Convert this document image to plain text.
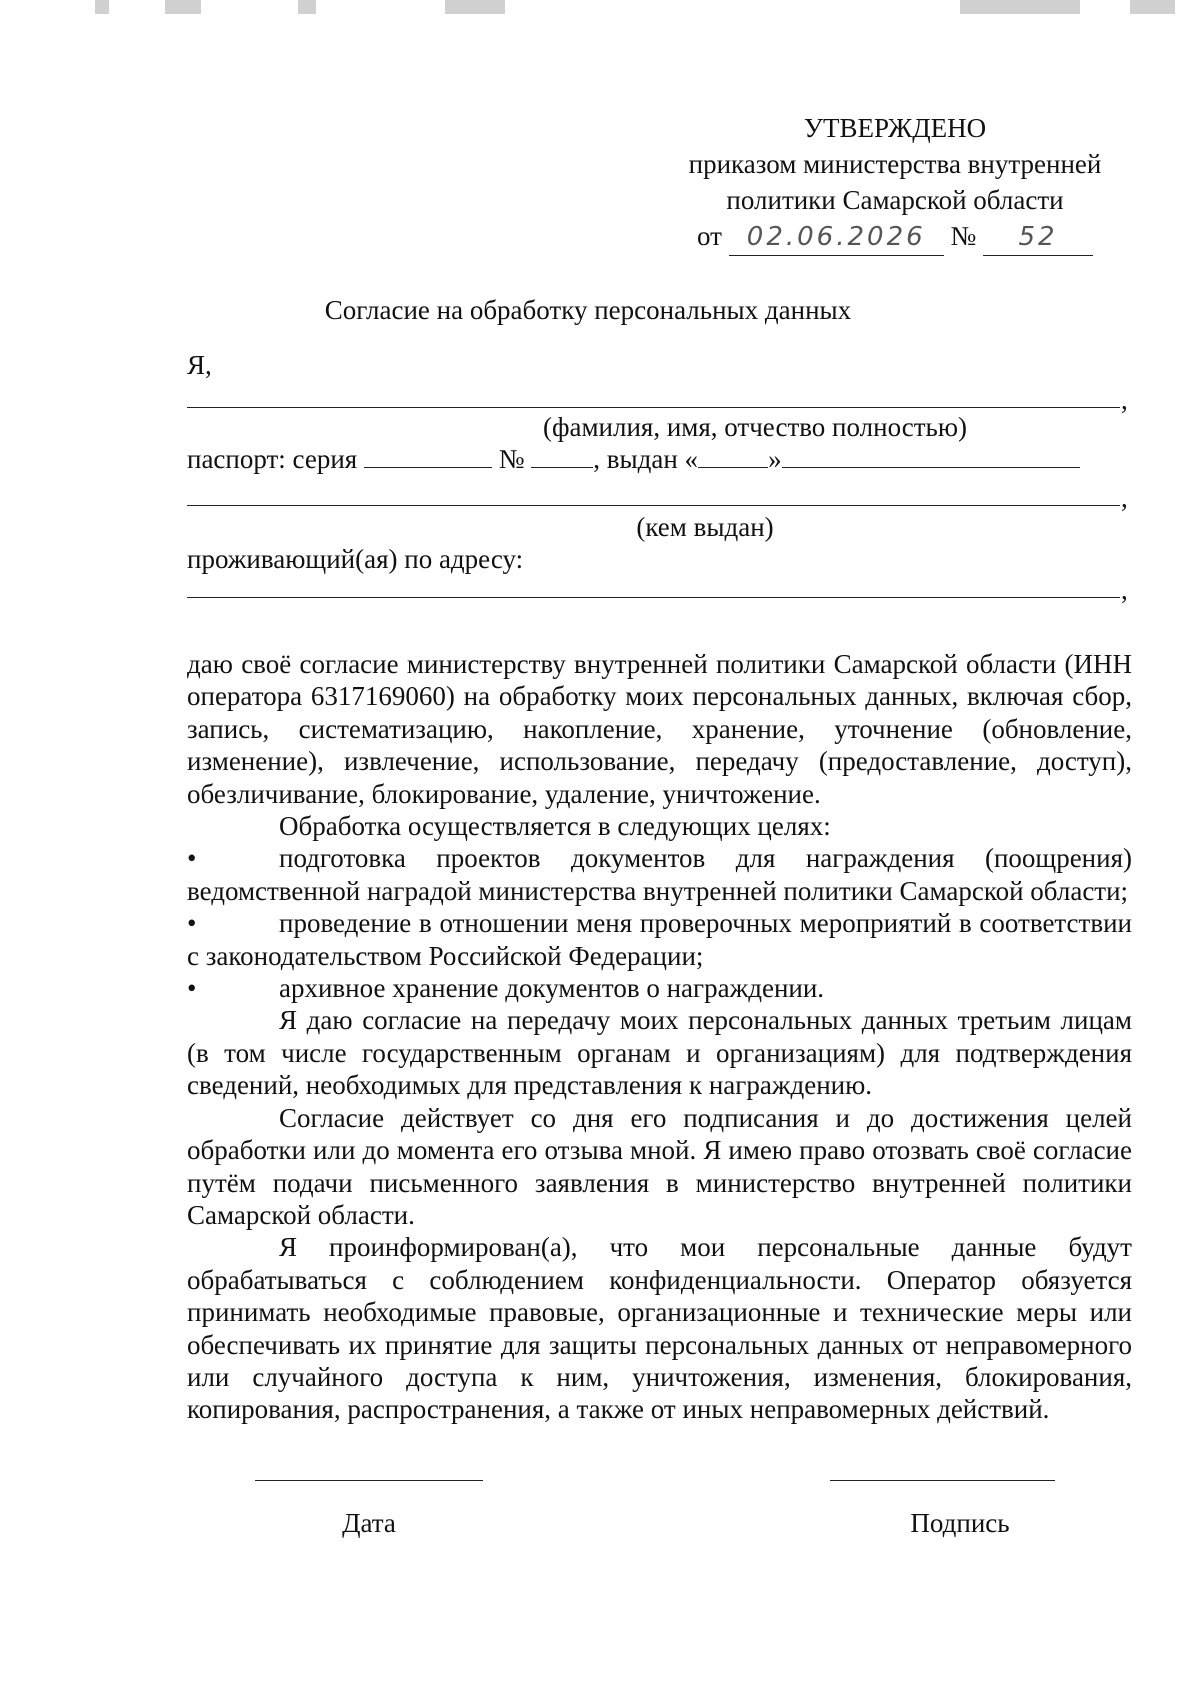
УТВЕРЖДЕНО
приказом министерства внутренней
политики Самарской области
от 02.06.2026 № 52
Согласие на обработку персональных данных
Я,
,
(фамилия, имя, отчество полностью)
паспорт: серия	№	, выдан «	»
,
(кем выдан)
проживающий(ая) по адресу:
,

даю своё согласие министерству внутренней политики Самарской области (ИНН оператора 6317169060) на обработку моих персональных данных, включая сбор, запись, систематизацию, накопление, хранение, уточнение (обновление, изменение), извлечение, использование, передачу (предоставление, доступ), обезличивание, блокирование, удаление, уничтожение.

Обработка осуществляется в следующих целях:

•	подготовка проектов документов для награждения (поощрения) ведомственной наградой министерства внутренней политики Самарской области;

•	проведение в отношении меня проверочных мероприятий в соответствии с законодательством Российской Федерации;

•	архивное хранение документов о награждении.

Я даю согласие на передачу моих персональных данных третьим лицам (в том числе государственным органам и организациям) для подтверждения сведений, необходимых для представления к награждению.

Согласие действует со дня его подписания и до достижения целей обработки или до момента его отзыва мной. Я имею право отозвать своё согласие путём подачи письменного заявления в министерство внутренней политики Самарской области.

Я проинформирован(а), что мои персональные данные будут обрабатываться с соблюдением конфиденциальности. Оператор обязуется принимать необходимые правовые, организационные и технические меры или обеспечивать их принятие для защиты персональных данных от неправомерного или случайного доступа к ним, уничтожения, изменения, блокирования, копирования, распространения, а также от иных неправомерных действий.

Дата	Подпись
